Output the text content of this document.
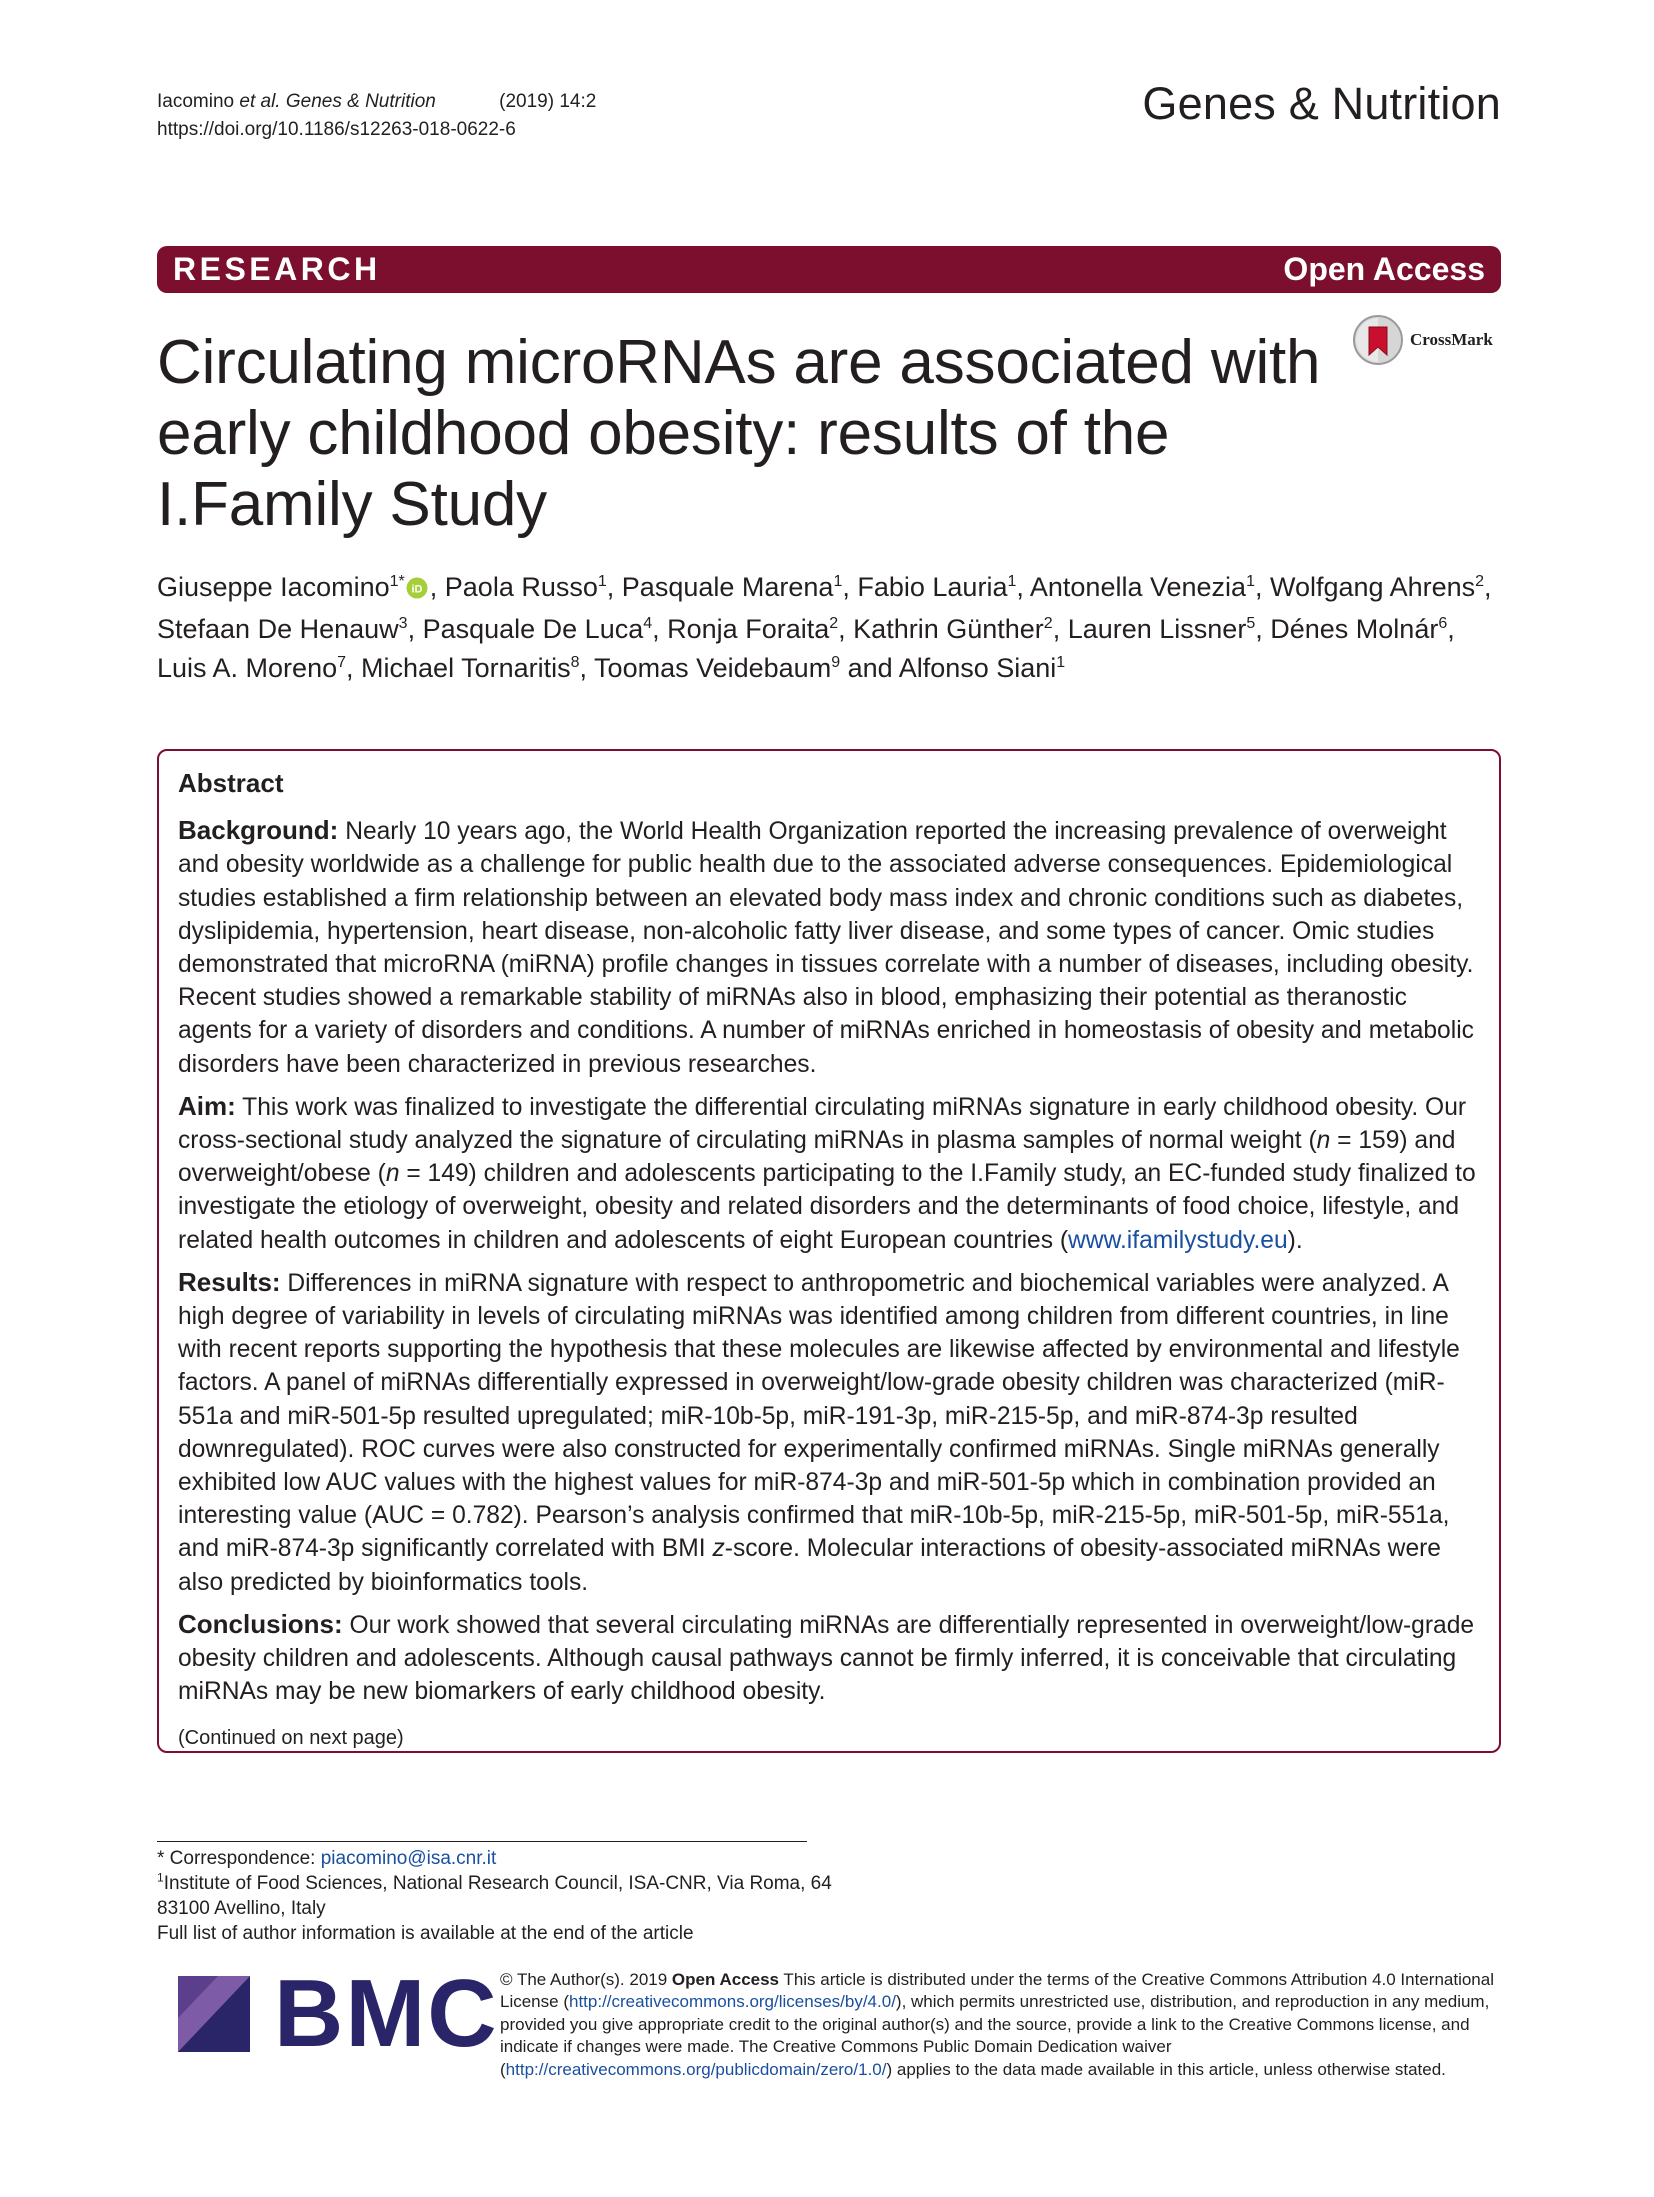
Iacomino et al. Genes & Nutrition	(2019) 14:2
https://doi.org/10.1186/s12263-018-0622-6
Genes & Nutrition
RESEARCH	Open Access
CrossMark
Circulating microRNAs are associated with early childhood obesity: results of the I.Family Study
Giuseppe Iacomino$^{1*}$ iD , Paola Russo$^1$, Pasquale Marena$^1$, Fabio Lauria$^1$, Antonella Venezia$^1$, Wolfgang Ahrens$^2$, Stefaan De Henauw$^3$, Pasquale De Luca$^4$, Ronja Foraita$^2$, Kathrin Günther$^2$, Lauren Lissner$^5$, Dénes Molnár$^6$, Luis A. Moreno$^7$, Michael Tornaritis$^8$, Toomas Veidebaum$^9$ and Alfonso Siani$^1$
Abstract

Background: Nearly 10 years ago, the World Health Organization reported the increasing prevalence of overweight and obesity worldwide as a challenge for public health due to the associated adverse consequences. Epidemiological studies established a firm relationship between an elevated body mass index and chronic conditions such as diabetes, dyslipidemia, hypertension, heart disease, non-alcoholic fatty liver disease, and some types of cancer. Omic studies demonstrated that microRNA (miRNA) profile changes in tissues correlate with a number of diseases, including obesity. Recent studies showed a remarkable stability of miRNAs also in blood, emphasizing their potential as theranostic agents for a variety of disorders and conditions. A number of miRNAs enriched in homeostasis of obesity and metabolic disorders have been characterized in previous researches.

Aim: This work was finalized to investigate the differential circulating miRNAs signature in early childhood obesity. Our cross-sectional study analyzed the signature of circulating miRNAs in plasma samples of normal weight (n = 159) and overweight/obese (n = 149) children and adolescents participating to the I.Family study, an EC-funded study finalized to investigate the etiology of overweight, obesity and related disorders and the determinants of food choice, lifestyle, and related health outcomes in children and adolescents of eight European countries (www.ifamilystudy.eu).

Results: Differences in miRNA signature with respect to anthropometric and biochemical variables were analyzed. A high degree of variability in levels of circulating miRNAs was identified among children from different countries, in line with recent reports supporting the hypothesis that these molecules are likewise affected by environmental and lifestyle factors. A panel of miRNAs differentially expressed in overweight/low-grade obesity children was characterized (miR-551a and miR-501-5p resulted upregulated; miR-10b-5p, miR-191-3p, miR-215-5p, and miR-874-3p resulted downregulated). ROC curves were also constructed for experimentally confirmed miRNAs. Single miRNAs generally exhibited low AUC values with the highest values for miR-874-3p and miR-501-5p which in combination provided an interesting value (AUC = 0.782). Pearson’s analysis confirmed that miR-10b-5p, miR-215-5p, miR-501-5p, miR-551a, and miR-874-3p significantly correlated with BMI z-score. Molecular interactions of obesity-associated miRNAs were also predicted by bioinformatics tools.

Conclusions: Our work showed that several circulating miRNAs are differentially represented in overweight/low-grade obesity children and adolescents. Although causal pathways cannot be firmly inferred, it is conceivable that circulating miRNAs may be new biomarkers of early childhood obesity.

(Continued on next page)
* Correspondence: piacomino@isa.cnr.it
$^1$Institute of Food Sciences, National Research Council, ISA-CNR, Via Roma, 64
83100 Avellino, Italy
Full list of author information is available at the end of the article
BMC © The Author(s). 2019 Open Access This article is distributed under the terms of the Creative Commons Attribution 4.0 International License (http://creativecommons.org/licenses/by/4.0/), which permits unrestricted use, distribution, and reproduction in any medium, provided you give appropriate credit to the original author(s) and the source, provide a link to the Creative Commons license, and indicate if changes were made. The Creative Commons Public Domain Dedication waiver (http://creativecommons.org/publicdomain/zero/1.0/) applies to the data made available in this article, unless otherwise stated.
